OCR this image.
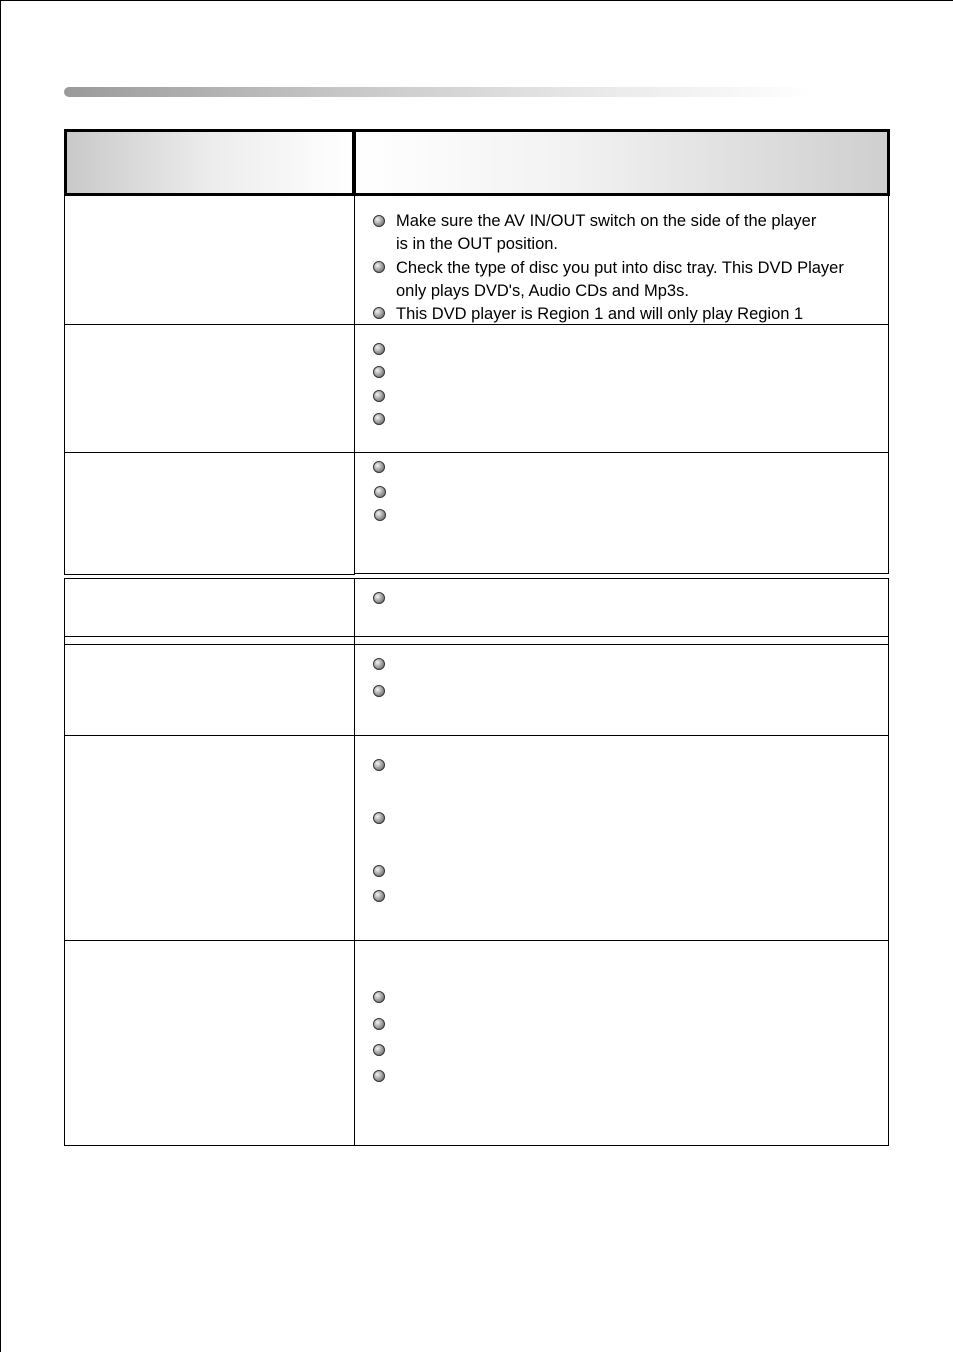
Make sure the AV IN/OUT switch on the side of the player
is in the OUT position.
Check the type of disc you put into disc tray. This DVD Player
only plays DVD's, Audio CDs and Mp3s.
This DVD player is Region 1 and will only play Region 1
